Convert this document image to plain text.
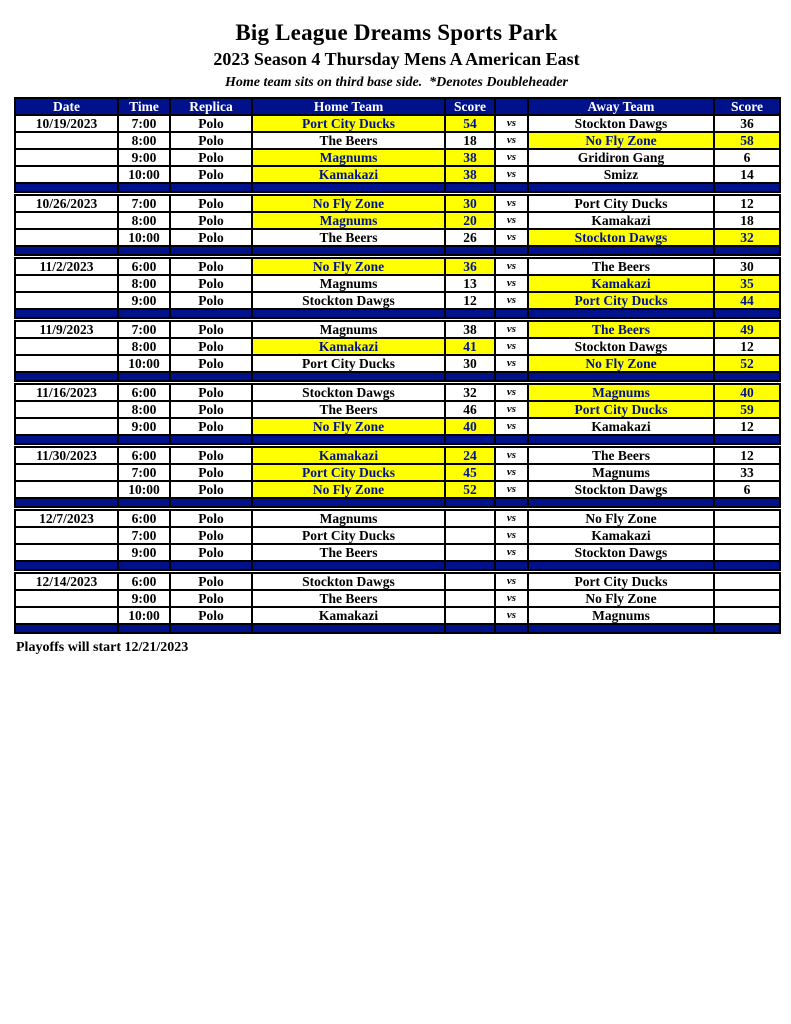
Big League Dreams Sports Park
2023 Season 4 Thursday Mens A American East
Home team sits on third base side.  *Denotes Doubleheader
Date	Time	Replica	Home Team	Score		Away Team	Score
10/19/2023	7:00	Polo	Port City Ducks	54	vs	Stockton Dawgs	36
	8:00	Polo	The Beers	18	vs	No Fly Zone	58
	9:00	Polo	Magnums	38	vs	Gridiron Gang	6
	10:00	Polo	Kamakazi	38	vs	Smizz	14

10/26/2023	7:00	Polo	No Fly Zone	30	vs	Port City Ducks	12
	8:00	Polo	Magnums	20	vs	Kamakazi	18
	10:00	Polo	The Beers	26	vs	Stockton Dawgs	32

11/2/2023	6:00	Polo	No Fly Zone	36	vs	The Beers	30
	8:00	Polo	Magnums	13	vs	Kamakazi	35
	9:00	Polo	Stockton Dawgs	12	vs	Port City Ducks	44

11/9/2023	7:00	Polo	Magnums	38	vs	The Beers	49
	8:00	Polo	Kamakazi	41	vs	Stockton Dawgs	12
	10:00	Polo	Port City Ducks	30	vs	No Fly Zone	52

11/16/2023	6:00	Polo	Stockton Dawgs	32	vs	Magnums	40
	8:00	Polo	The Beers	46	vs	Port City Ducks	59
	9:00	Polo	No Fly Zone	40	vs	Kamakazi	12

11/30/2023	6:00	Polo	Kamakazi	24	vs	The Beers	12
	7:00	Polo	Port City Ducks	45	vs	Magnums	33
	10:00	Polo	No Fly Zone	52	vs	Stockton Dawgs	6

12/7/2023	6:00	Polo	Magnums		vs	No Fly Zone	
	7:00	Polo	Port City Ducks		vs	Kamakazi	
	9:00	Polo	The Beers		vs	Stockton Dawgs	

12/14/2023	6:00	Polo	Stockton Dawgs		vs	Port City Ducks	
	9:00	Polo	The Beers		vs	No Fly Zone	
	10:00	Polo	Kamakazi		vs	Magnums	

Playoffs will start 12/21/2023
